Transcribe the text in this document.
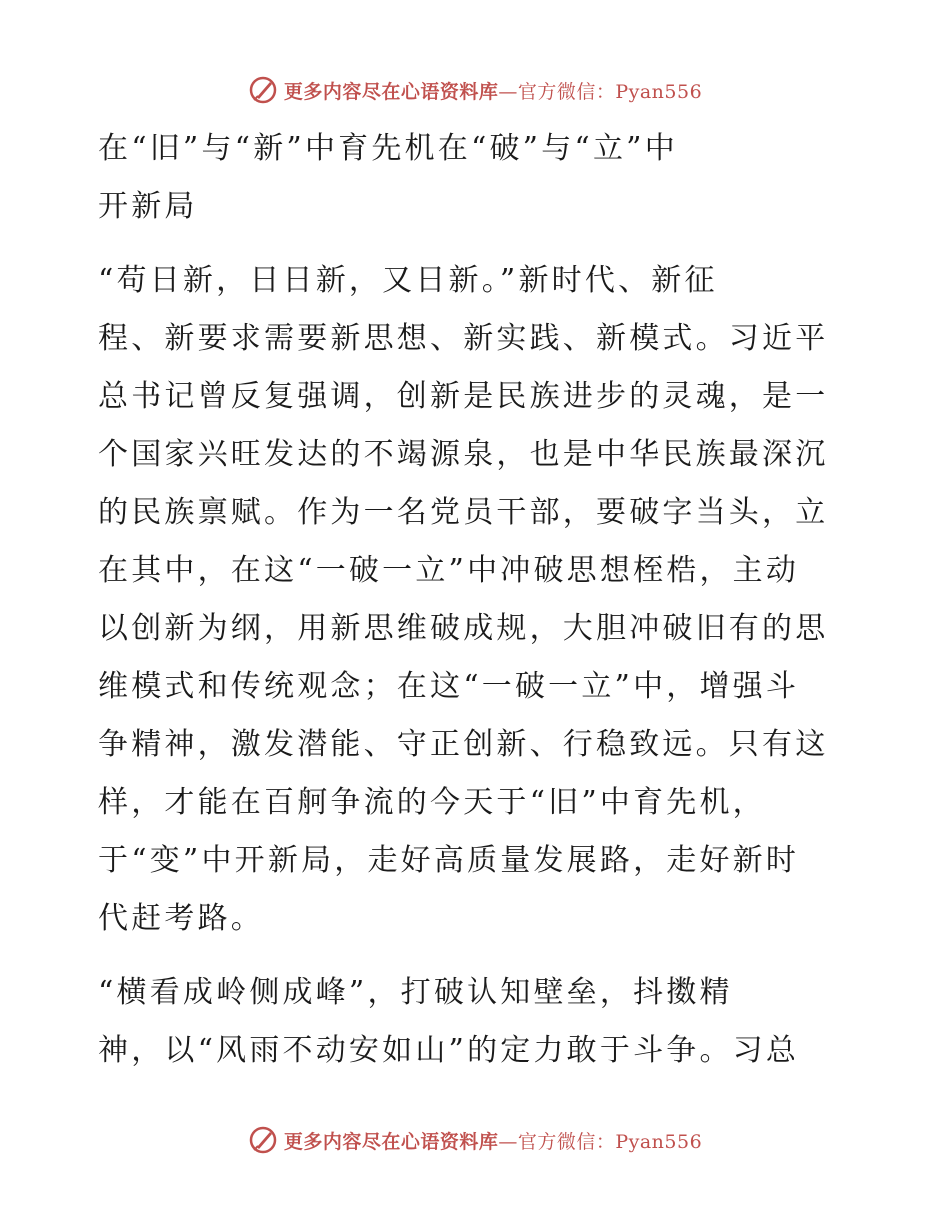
更多内容尽在心语资料库—官方微信：Pyan556
在“旧”与“新”中育先机在“破”与“立”中
开新局
“苟日新，日日新，又日新。”新时代、新征
程、新要求需要新思想、新实践、新模式。习近平
总书记曾反复强调，创新是民族进步的灵魂，是一
个国家兴旺发达的不竭源泉，也是中华民族最深沉
的民族禀赋。作为一名党员干部，要破字当头，立
在其中，在这“一破一立”中冲破思想桎梏，主动
以创新为纲，用新思维破成规，大胆冲破旧有的思
维模式和传统观念；在这“一破一立”中，增强斗
争精神，激发潜能、守正创新、行稳致远。只有这
样，才能在百舸争流的今天于“旧”中育先机，
于“变”中开新局，走好高质量发展路，走好新时
代赶考路。
“横看成岭侧成峰”，打破认知壁垒，抖擞精
神，以“风雨不动安如山”的定力敢于斗争。习总
更多内容尽在心语资料库—官方微信：Pyan556
